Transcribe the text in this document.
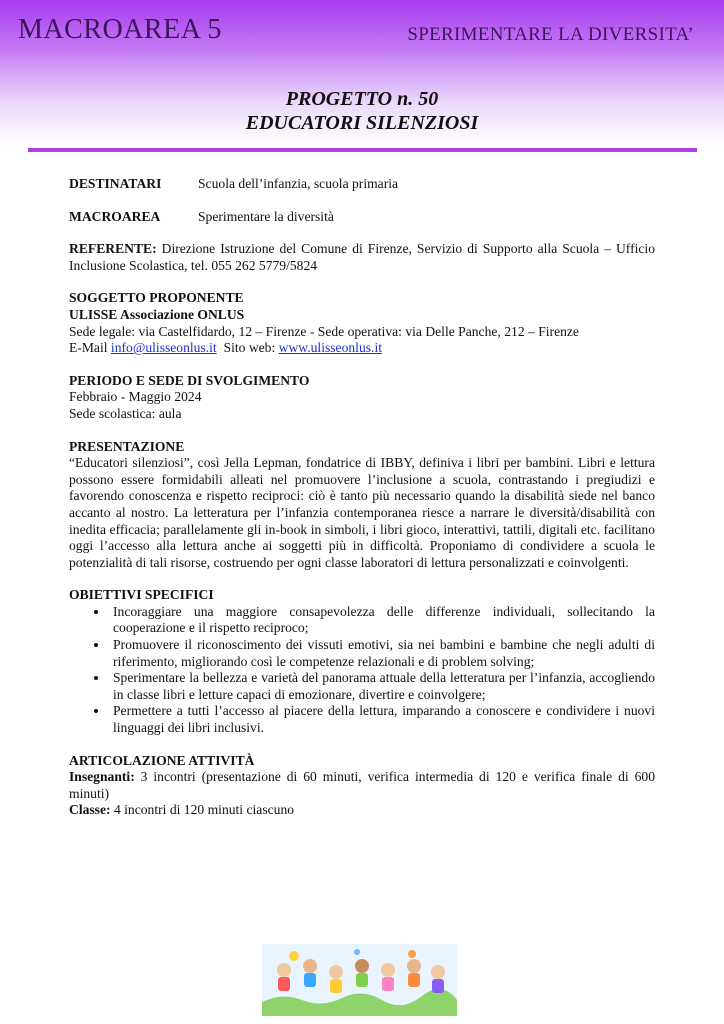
MACROAREA 5	SPERIMENTARE LA DIVERSITA’
PROGETTO n. 50
EDUCATORI SILENZIOSI
DESTINATARI	Scuola dell’infanzia, scuola primaria
MACROAREA	Sperimentare la diversità
REFERENTE: Direzione Istruzione del Comune di Firenze, Servizio di Supporto alla Scuola – Ufficio Inclusione Scolastica, tel. 055 262 5779/5824
SOGGETTO PROPONENTE
ULISSE Associazione ONLUS
Sede legale: via Castelfidardo, 12 – Firenze - Sede operativa: via Delle Panche, 212 – Firenze
E-Mail info@ulisseonlus.it Sito web: www.ulisseonlus.it
PERIODO E SEDE DI SVOLGIMENTO
Febbraio - Maggio 2024
Sede scolastica: aula
PRESENTAZIONE
“Educatori silenziosi”, così Jella Lepman, fondatrice di IBBY, definiva i libri per bambini. Libri e lettura possono essere formidabili alleati nel promuovere l’inclusione a scuola, contrastando i pregiudizi e favorendo conoscenza e rispetto reciproci: ciò è tanto più necessario quando la disabilità siede nel banco accanto al nostro. La letteratura per l’infanzia contemporanea riesce a narrare le diversità/disabilità con inedita efficacia; parallelamente gli in-book in simboli, i libri gioco, interattivi, tattili, digitali etc. facilitano oggi l’accesso alla lettura anche ai soggetti più in difficoltà. Proponiamo di condividere a scuola le potenzialità di tali risorse, costruendo per ogni classe laboratori di lettura personalizzati e coinvolgenti.
OBIETTIVI SPECIFICI
• Incoraggiare una maggiore consapevolezza delle differenze individuali, sollecitando la cooperazione e il rispetto reciproco;
• Promuovere il riconoscimento dei vissuti emotivi, sia nei bambini e bambine che negli adulti di riferimento, migliorando così le competenze relazionali e di problem solving;
• Sperimentare la bellezza e varietà del panorama attuale della letteratura per l’infanzia, accogliendo in classe libri e letture capaci di emozionare, divertire e coinvolgere;
• Permettere a tutti l’accesso al piacere della lettura, imparando a conoscere e condividere i nuovi linguaggi dei libri inclusivi.
ARTICOLAZIONE ATTIVITÀ
Insegnanti: 3 incontri (presentazione di 60 minuti, verifica intermedia di 120 e verifica finale di 600 minuti)
Classe: 4 incontri di 120 minuti ciascuno
